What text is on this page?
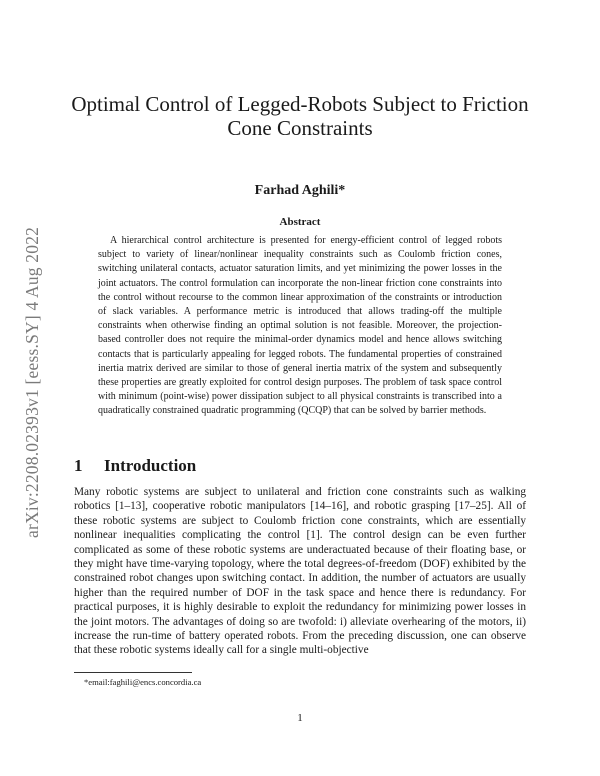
arXiv:2208.02393v1 [eess.SY] 4 Aug 2022
Optimal Control of Legged-Robots Subject to Friction Cone Constraints
Farhad Aghili*
Abstract

A hierarchical control architecture is presented for energy-efficient control of legged robots subject to variety of linear/nonlinear inequality constraints such as Coulomb friction cones, switching unilateral contacts, actuator saturation limits, and yet minimizing the power losses in the joint actuators. The control formulation can incorporate the non-linear friction cone constraints into the control without recourse to the common linear approximation of the constraints or introduction of slack variables. A performance metric is introduced that allows trading-off the multiple constraints when otherwise finding an optimal solution is not feasible. Moreover, the projection-based controller does not require the minimal-order dynamics model and hence allows switching contacts that is particularly appealing for legged robots. The fundamental properties of constrained inertia matrix derived are similar to those of general inertia matrix of the system and subsequently these properties are greatly exploited for control design purposes. The problem of task space control with minimum (point-wise) power dissipation subject to all physical constraints is transcribed into a quadratically constrained quadratic programming (QCQP) that can be solved by barrier methods.

1 Introduction

Many robotic systems are subject to unilateral and friction cone constraints such as walking robotics [1–13], cooperative robotic manipulators [14–16], and robotic grasping [17–25]. All of these robotic systems are subject to Coulomb friction cone constraints, which are essentially nonlinear inequalities complicating the control [1]. The control design can be even further complicated as some of these robotic systems are underactuated because of their floating base, or they might have time-varying topology, where the total degrees-of-freedom (DOF) exhibited by the constrained robot changes upon switching contact. In addition, the number of actuators are usually higher than the required number of DOF in the task space and hence there is redundancy. For practical purposes, it is highly desirable to exploit the redundancy for minimizing power losses in the joint motors. The advantages of doing so are twofold: i) alleviate overhearing of the motors, ii) increase the run-time of battery operated robots. From the preceding discussion, one can observe that these robotic systems ideally call for a single multi-objective

*email:faghili@encs.concordia.ca

1
